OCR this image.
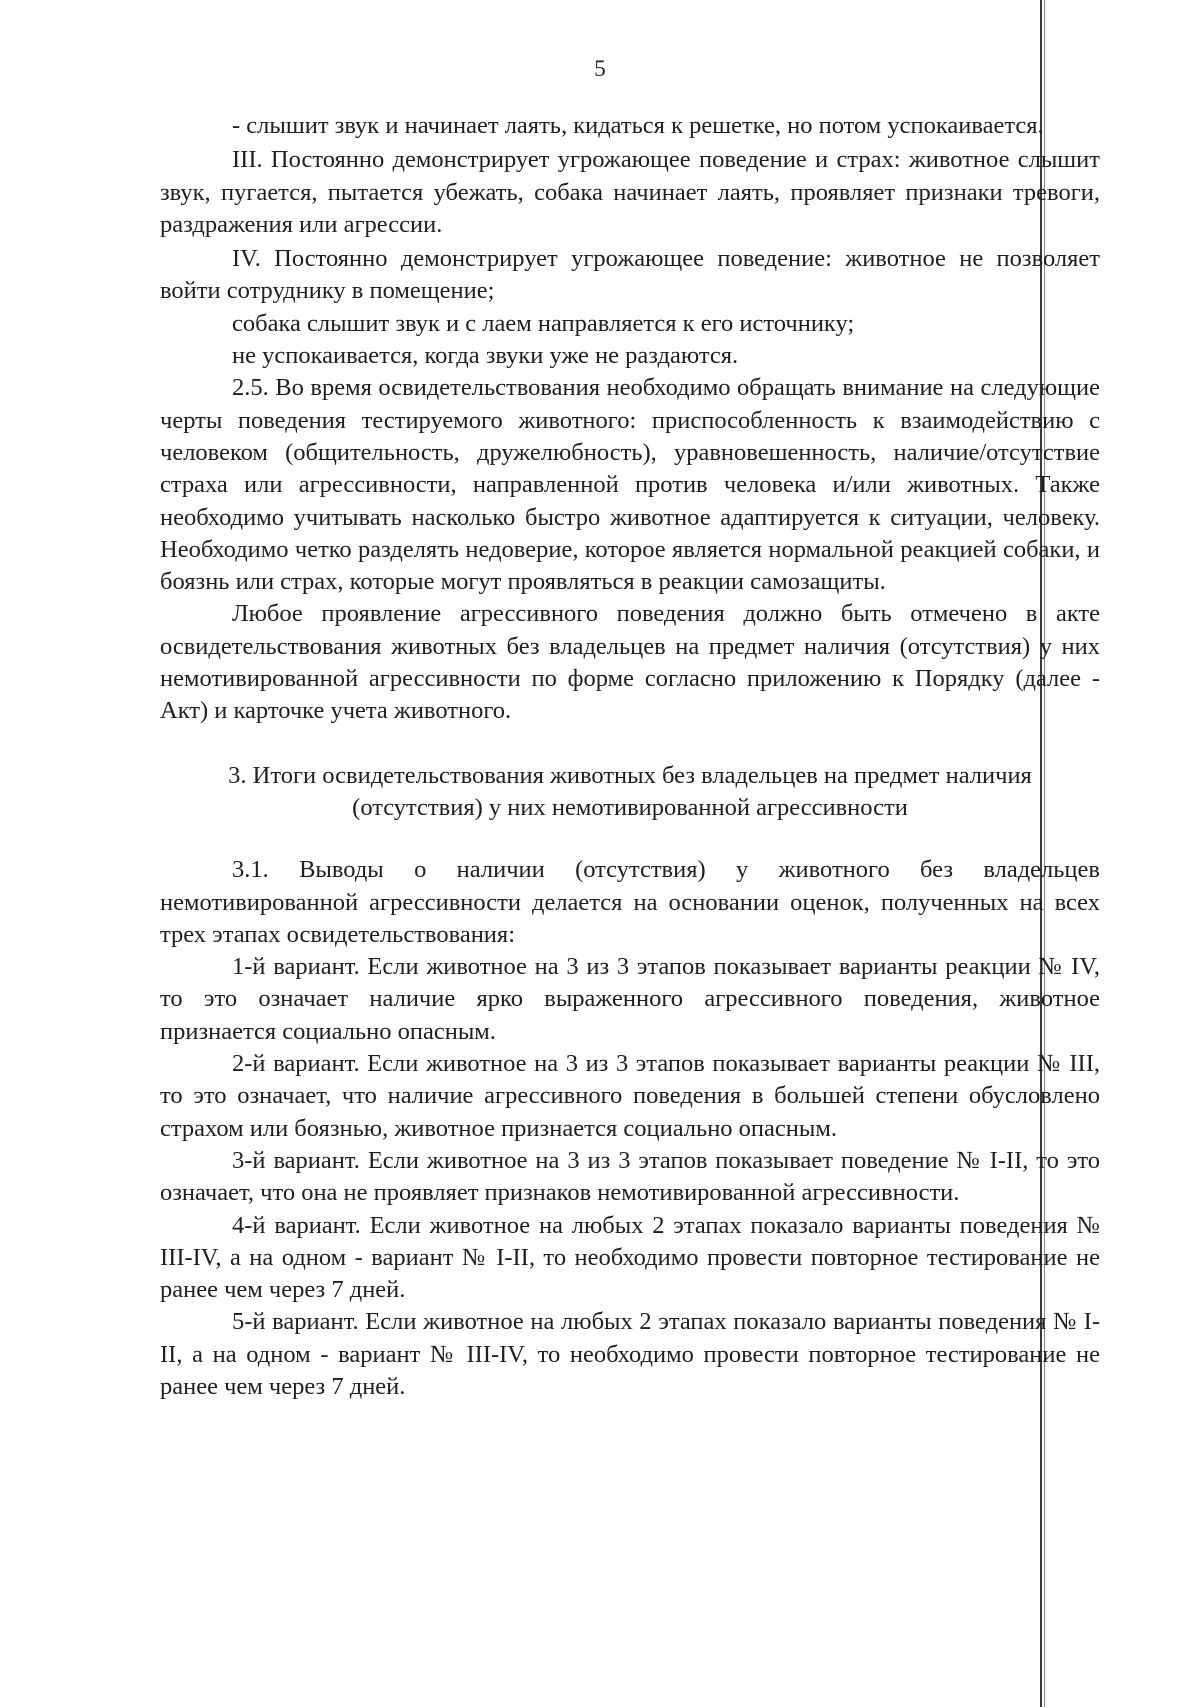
5

- слышит звук и начинает лаять, кидаться к решетке, но потом успокаивается.

III. Постоянно демонстрирует угрожающее поведение и страх: животное слышит звук, пугается, пытается убежать, собака начинает лаять, проявляет признаки тревоги, раздражения или агрессии.

IV. Постоянно демонстрирует угрожающее поведение: животное не позволяет войти сотруднику в помещение;

собака слышит звук и с лаем направляется к его источнику;

не успокаивается, когда звуки уже не раздаются.

2.5. Во время освидетельствования необходимо обращать внимание на следующие черты поведения тестируемого животного: приспособленность к взаимодействию с человеком (общительность, дружелюбность), уравновешенность, наличие/отсутствие страха или агрессивности, направленной против человека и/или животных. Также необходимо учитывать насколько быстро животное адаптируется к ситуации, человеку. Необходимо четко разделять недоверие, которое является нормальной реакцией собаки, и боязнь или страх, которые могут проявляться в реакции самозащиты.

Любое проявление агрессивного поведения должно быть отмечено в акте освидетельствования животных без владельцев на предмет наличия (отсутствия) у них немотивированной агрессивности по форме согласно приложению к Порядку (далее - Акт) и карточке учета животного.

3. Итоги освидетельствования животных без владельцев на предмет наличия
(отсутствия) у них немотивированной агрессивности

3.1. Выводы о наличии (отсутствия) у животного без владельцев немотивированной агрессивности делается на основании оценок, полученных на всех трех этапах освидетельствования:

1-й вариант. Если животное на 3 из 3 этапов показывает варианты реакции № IV, то это означает наличие ярко выраженного агрессивного поведения, животное признается социально опасным.

2-й вариант. Если животное на 3 из 3 этапов показывает варианты реакции № III, то это означает, что наличие агрессивного поведения в большей степени обусловлено страхом или боязнью, животное признается социально опасным.

3-й вариант. Если животное на 3 из 3 этапов показывает поведение № I-II, то это означает, что она не проявляет признаков немотивированной агрессивности.

4-й вариант. Если животное на любых 2 этапах показало варианты поведения № III-IV, а на одном - вариант № I-II, то необходимо провести повторное тестирование не ранее чем через 7 дней.

5-й вариант. Если животное на любых 2 этапах показало варианты поведения № I-II, а на одном - вариант № III-IV, то необходимо провести повторное тестирование не ранее чем через 7 дней.
